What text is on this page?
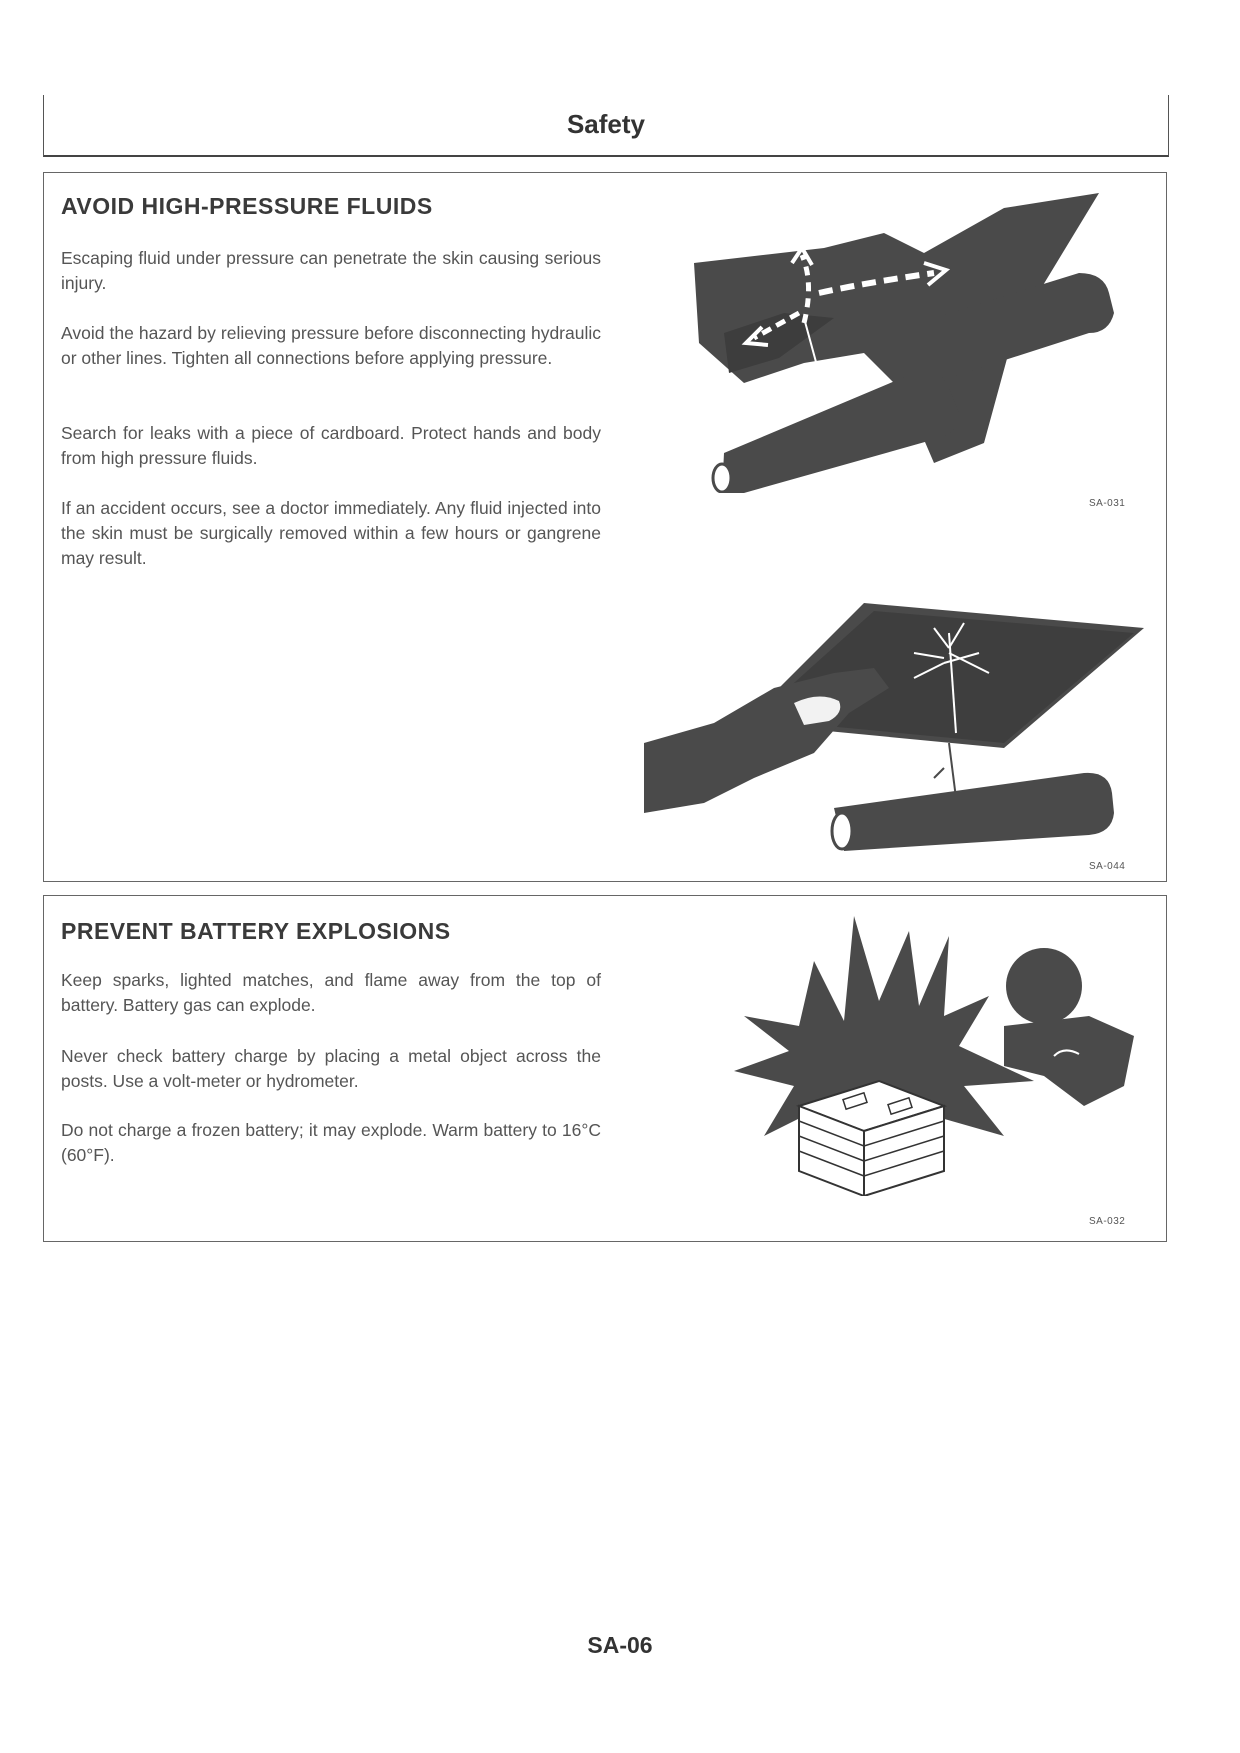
Safety
AVOID HIGH-PRESSURE FLUIDS

Escaping fluid under pressure can penetrate the skin causing serious injury.

Avoid the hazard by relieving pressure before disconnecting hydraulic or other lines. Tighten all connections before applying pressure.

Search for leaks with a piece of cardboard. Protect hands and body from high pressure fluids.

If an accident occurs, see a doctor immediately. Any fluid injected into the skin must be surgically removed within a few hours or gangrene may result.

SA-031
SA-044
PREVENT BATTERY EXPLOSIONS

Keep sparks, lighted matches, and flame away from the top of battery. Battery gas can explode.

Never check battery charge by placing a metal object across the posts. Use a volt-meter or hydrometer.

Do not charge a frozen battery; it may explode. Warm battery to 16°C (60°F).

SA-032
SA-06
